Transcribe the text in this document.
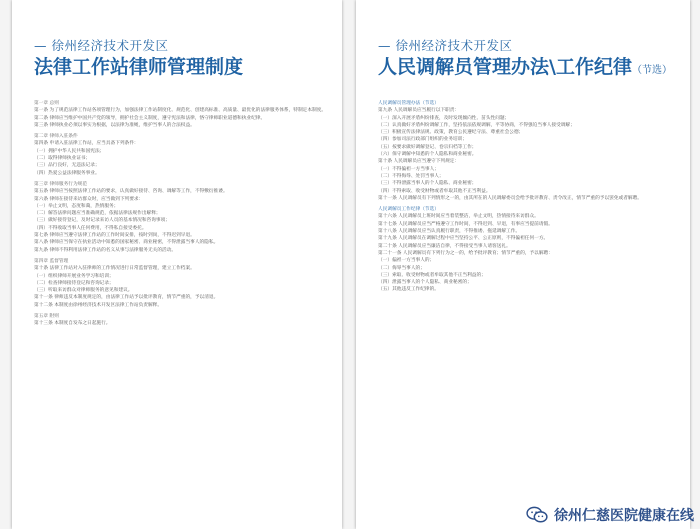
— 徐州经济技术开发区
法律工作站律师管理制度

第一章 总则

第一条 为了规范法律工作站各项管理行为，加强法律工作站制度化、规范化、创建高标准、高质量、最优化的法律服务体系，特制定本制度。

第二条 律师应当维护中国共产党的领导，拥护社会主义制度，遵守宪法和法律，恪守律师职业道德和执业纪律。

第三条 律师执业必须以事实为根据，以法律为准绳，维护当事人的合法权益。

第二章 律师入驻条件

第四条 申请入驻法律工作站，应当具备下列条件：

（一）拥护中华人民共和国宪法；

（二）取得律师执业证书；

（三）品行良好，无违法记录；

（四）热爱公益法律服务事业。

第三章 律师服务行为规范

第五条 律师应当按照法律工作站的要求，认真做好接待、咨询、调解等工作，不得敷衍推诿。

第六条 律师在接待来访群众时，应当做到下列要求：

（一）举止文明，态度和蔼，热情服务；

（二）解答法律问题应当准确规范，依据法律法规作出解释；

（三）做好接待登记，及时记录来访人员的基本情况和咨询事项；

（四）不得收取当事人任何费用，不得私自接受委托。

第七条 律师应当遵守法律工作站的工作时间安排，按时到岗，不得迟到早退。

第八条 律师应当保守在执业活动中知悉的国家秘密、商业秘密，不得泄露当事人的隐私。

第九条 律师不得利用法律工作站的名义从事与法律服务无关的活动。

第四章 监督管理

第十条 法律工作站对入驻律师的工作情况进行日常监督管理，建立工作档案。

（一）组织律师开展业务学习和培训；

（二）检查律师接待登记和咨询记录；

（三）听取来访群众对律师服务的意见和建议。

第十一条 律师违反本制度规定的，由法律工作站予以批评教育，情节严重的，予以清退。

第十二条 本制度由徐州经济技术开发区法律工作站负责解释。

第五章 附则

第十三条 本制度自发布之日起施行。

— 徐州经济技术开发区
人民调解员管理办法\工作纪律（节选）

人民调解员管理办法（节选）

第九条 人民调解员应当履行以下职责：

（一）深入开展矛盾纠纷排查，及时发现倾向性、苗头性问题；

（二）认真做好矛盾纠纷调解工作，坚持依法依规调解，平等协商，不得强迫当事人接受调解；

（三）积极宣传法律法规、政策，教育公民遵纪守法、尊重社会公德；

（四）参加司法行政部门组织的业务培训；

（五）按要求做好调解登记、卷宗归档等工作；

（六）保守调解中知悉的个人隐私和商业秘密。

第十条 人民调解员应当遵守下列规定：

（一）不得偏袒一方当事人；

（二）不得侮辱、处罚当事人；

（三）不得泄露当事人的个人隐私、商业秘密；

（四）不得索取、收受财物或者牟取其他不正当利益。

第十一条 人民调解员有下列情形之一的，由其所在的人民调解委员会给予批评教育、责令改正，情节严重的予以罢免或者解聘。

人民调解员工作纪律（节选）

第十六条 人民调解员上班时间应当着装整洁，举止文明，热情接待来访群众。

第十七条 人民调解员应当严格遵守工作时间，不得迟到、早退，有事应当提前请假。

第十八条 人民调解员应当认真履行职责，不得推诿、拖延调解工作。

第十九条 人民调解员在调解过程中应当坚持公平、公正原则，不得偏袒任何一方。

第二十条 人民调解员应当廉洁自律，不得接受当事人请客送礼。

第二十一条 人民调解员有下列行为之一的，给予批评教育；情节严重的，予以解聘：

（一）偏袒一方当事人的；

（二）侮辱当事人的；

（三）索取、收受财物或者牟取其他不正当利益的；

（四）泄露当事人的个人隐私、商业秘密的；

（五）其他违反工作纪律的。

徐州仁慈医院健康在线
